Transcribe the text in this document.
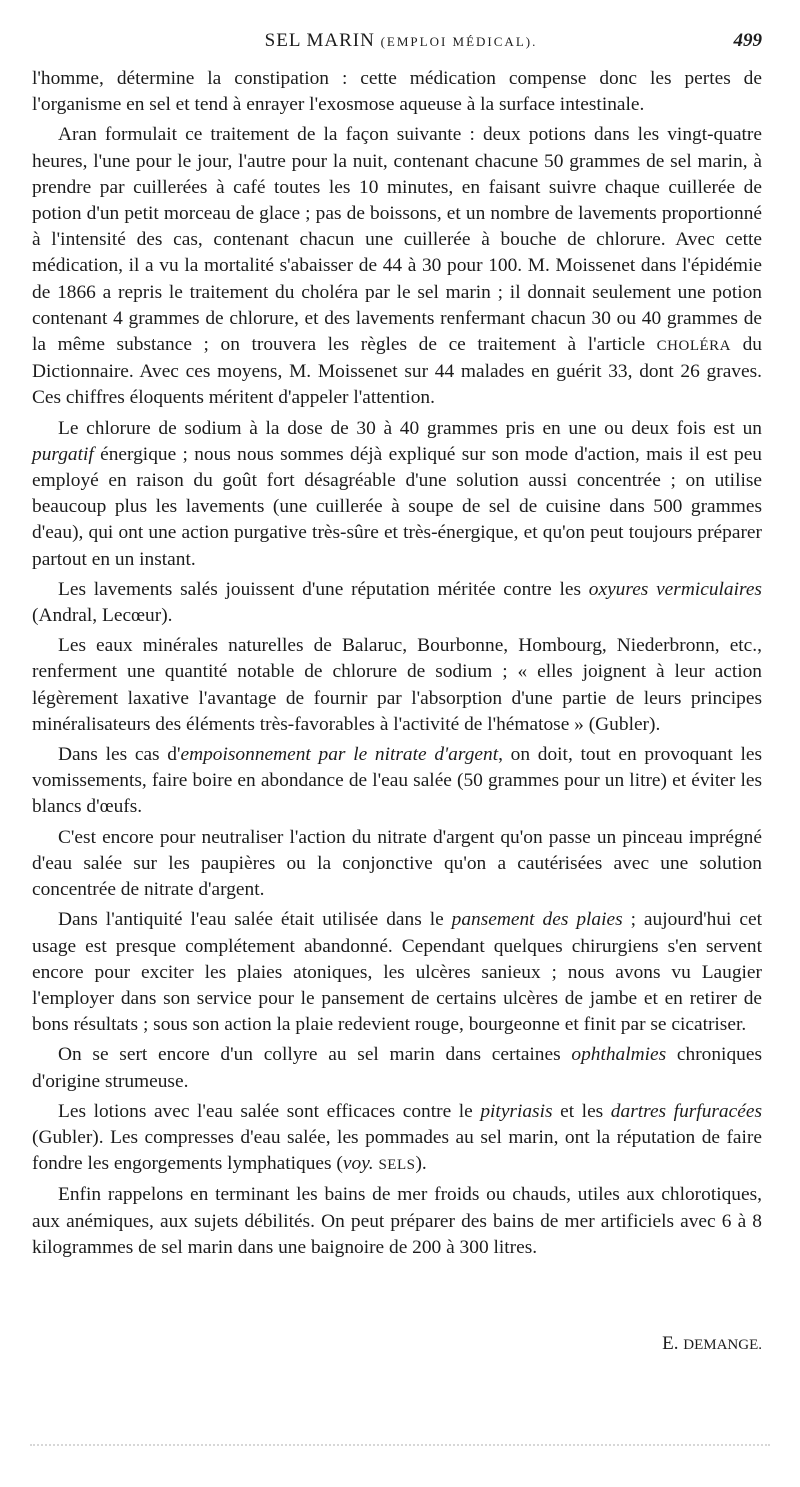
SEL MARIN (EMPLOI MÉDICAL).	499

l'homme, détermine la constipation : cette médication compense donc les pertes de l'organisme en sel et tend à enrayer l'exosmose aqueuse à la surface intestinale.

Aran formulait ce traitement de la façon suivante : deux potions dans les vingt-quatre heures, l'une pour le jour, l'autre pour la nuit, contenant chacune 50 grammes de sel marin, à prendre par cuillerées à café toutes les 10 minutes, en faisant suivre chaque cuillerée de potion d'un petit morceau de glace ; pas de boissons, et un nombre de lavements proportionné à l'intensité des cas, contenant chacun une cuillerée à bouche de chlorure. Avec cette médication, il a vu la mortalité s'abaisser de 44 à 30 pour 100. M. Moissenet dans l'épidémie de 1866 a repris le traitement du choléra par le sel marin ; il donnait seulement une potion contenant 4 grammes de chlorure, et des lavements renfermant chacun 30 ou 40 grammes de la même substance ; on trouvera les règles de ce traitement à l'article CHOLÉRA du Dictionnaire. Avec ces moyens, M. Moissenet sur 44 malades en guérit 33, dont 26 graves. Ces chiffres éloquents méritent d'appeler l'attention.

Le chlorure de sodium à la dose de 30 à 40 grammes pris en une ou deux fois est un purgatif énergique ; nous nous sommes déjà expliqué sur son mode d'action, mais il est peu employé en raison du goût fort désagréable d'une solution aussi concentrée ; on utilise beaucoup plus les lavements (une cuillerée à soupe de sel de cuisine dans 500 grammes d'eau), qui ont une action purgative très-sûre et très-énergique, et qu'on peut toujours préparer partout en un instant.

Les lavements salés jouissent d'une réputation méritée contre les oxyures vermiculaires (Andral, Lecœur).

Les eaux minérales naturelles de Balaruc, Bourbonne, Hombourg, Niederbronn, etc., renferment une quantité notable de chlorure de sodium ; « elles joignent à leur action légèrement laxative l'avantage de fournir par l'absorption d'une partie de leurs principes minéralisateurs des éléments très-favorables à l'activité de l'hématose » (Gubler).

Dans les cas d'empoisonnement par le nitrate d'argent, on doit, tout en provoquant les vomissements, faire boire en abondance de l'eau salée (50 grammes pour un litre) et éviter les blancs d'œufs.

C'est encore pour neutraliser l'action du nitrate d'argent qu'on passe un pinceau imprégné d'eau salée sur les paupières ou la conjonctive qu'on a cautérisées avec une solution concentrée de nitrate d'argent.

Dans l'antiquité l'eau salée était utilisée dans le pansement des plaies ; aujourd'hui cet usage est presque complétement abandonné. Cependant quelques chirurgiens s'en servent encore pour exciter les plaies atoniques, les ulcères sanieux ; nous avons vu Laugier l'employer dans son service pour le pansement de certains ulcères de jambe et en retirer de bons résultats ; sous son action la plaie redevient rouge, bourgeonne et finit par se cicatriser.

On se sert encore d'un collyre au sel marin dans certaines ophthalmies chroniques d'origine strumeuse.

Les lotions avec l'eau salée sont efficaces contre le pityriasis et les dartres furfuracées (Gubler). Les compresses d'eau salée, les pommades au sel marin, ont la réputation de faire fondre les engorgements lymphatiques (voy. SELS).

Enfin rappelons en terminant les bains de mer froids ou chauds, utiles aux chlorotiques, aux anémiques, aux sujets débilités. On peut préparer des bains de mer artificiels avec 6 à 8 kilogrammes de sel marin dans une baignoire de 200 à 300 litres.

E. DEMANGE.
